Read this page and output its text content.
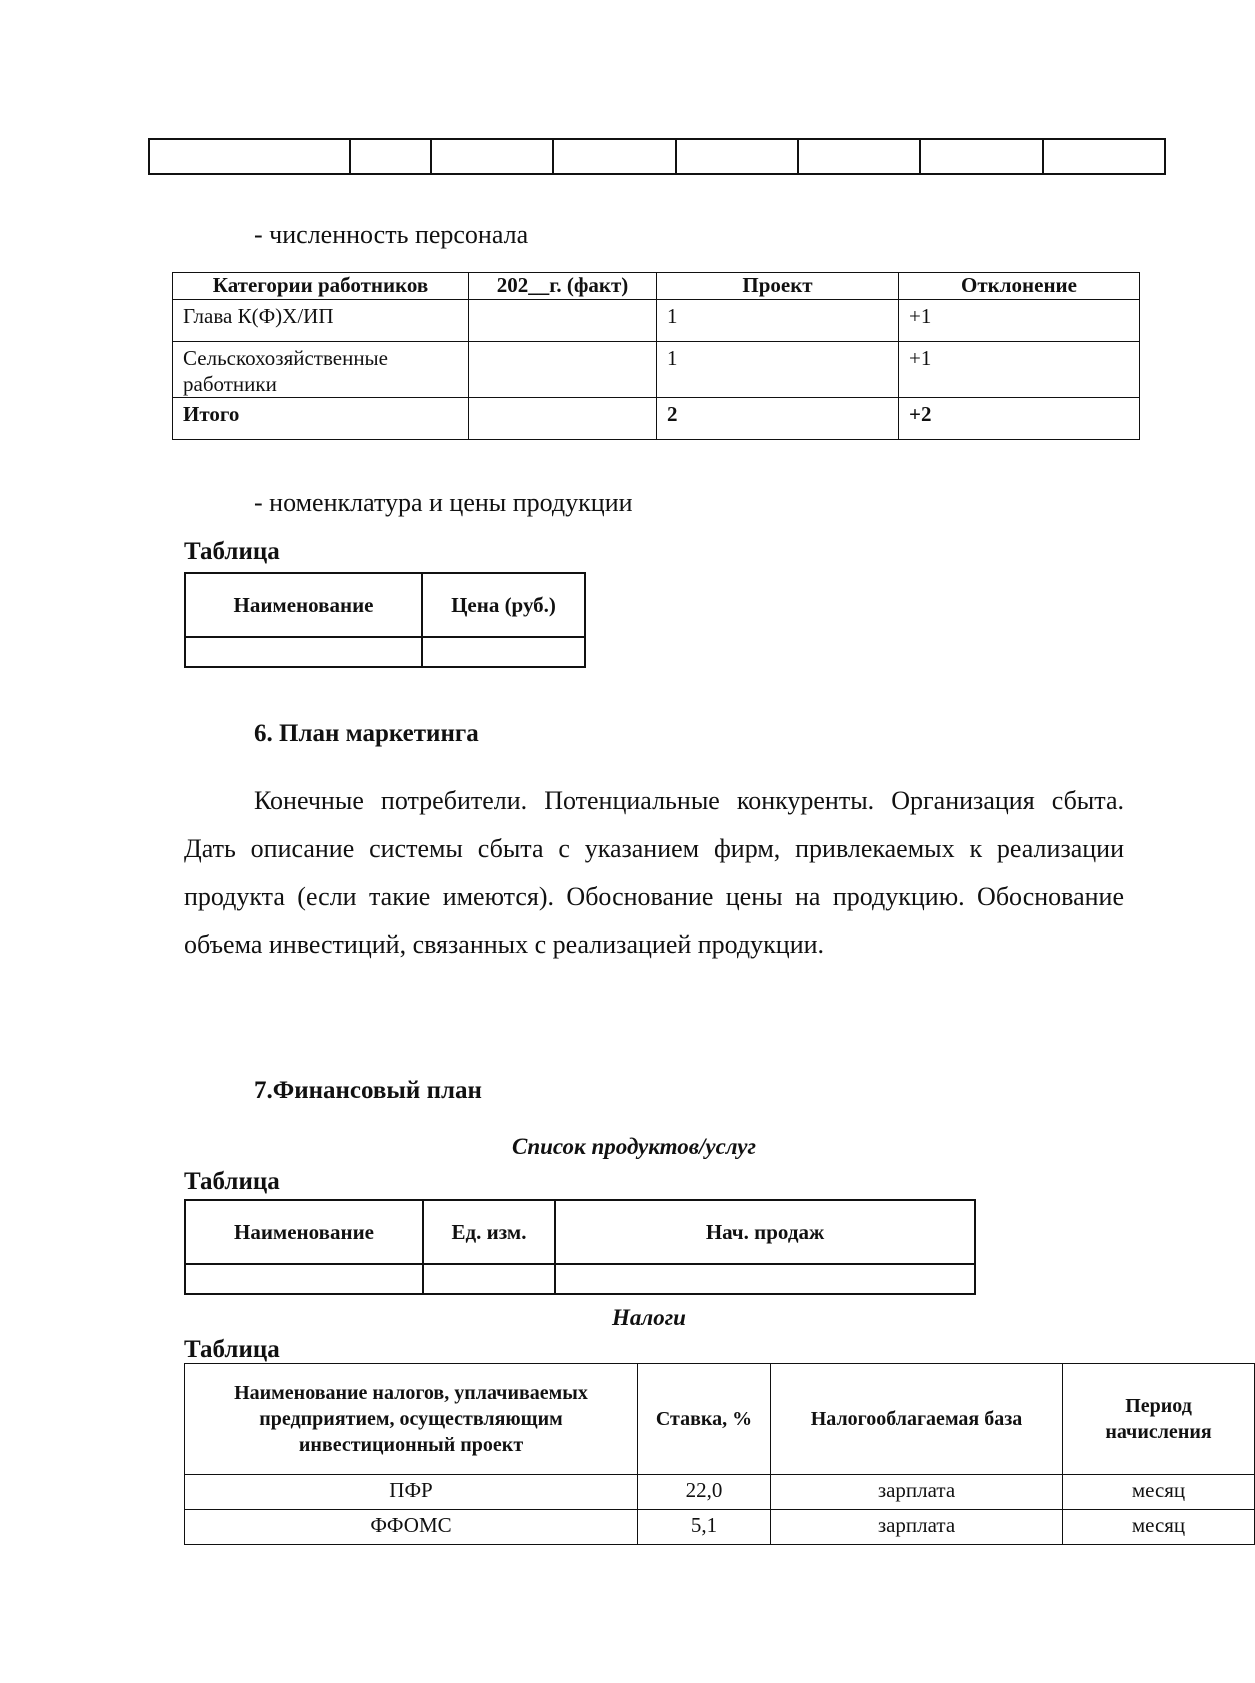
- численность персонала
Категории работников	202__г. (факт)	Проект	Отклонение
Глава К(Ф)Х/ИП		1	+1
Сельскохозяйственные работники		1	+1
Итого		2	+2
- номенклатура и цены продукции
Таблица
Наименование	Цена (руб.)

6. План маркетинга
Конечные потребители. Потенциальные конкуренты. Организация сбыта. Дать описание системы сбыта с указанием фирм, привлекаемых к реализации продукта (если такие имеются). Обоснование цены на продукцию. Обоснование объема инвестиций, связанных с реализацией продукции.
7.Финансовый план
Список продуктов/услуг
Таблица
Наименование	Ед. изм.	Нач. продаж

Налоги
Таблица
Наименование налогов, уплачиваемых предприятием, осуществляющим инвестиционный проект	Ставка, %	Налогооблагаемая база	Период начисления
ПФР	22,0	зарплата	месяц
ФФОМС	5,1	зарплата	месяц
